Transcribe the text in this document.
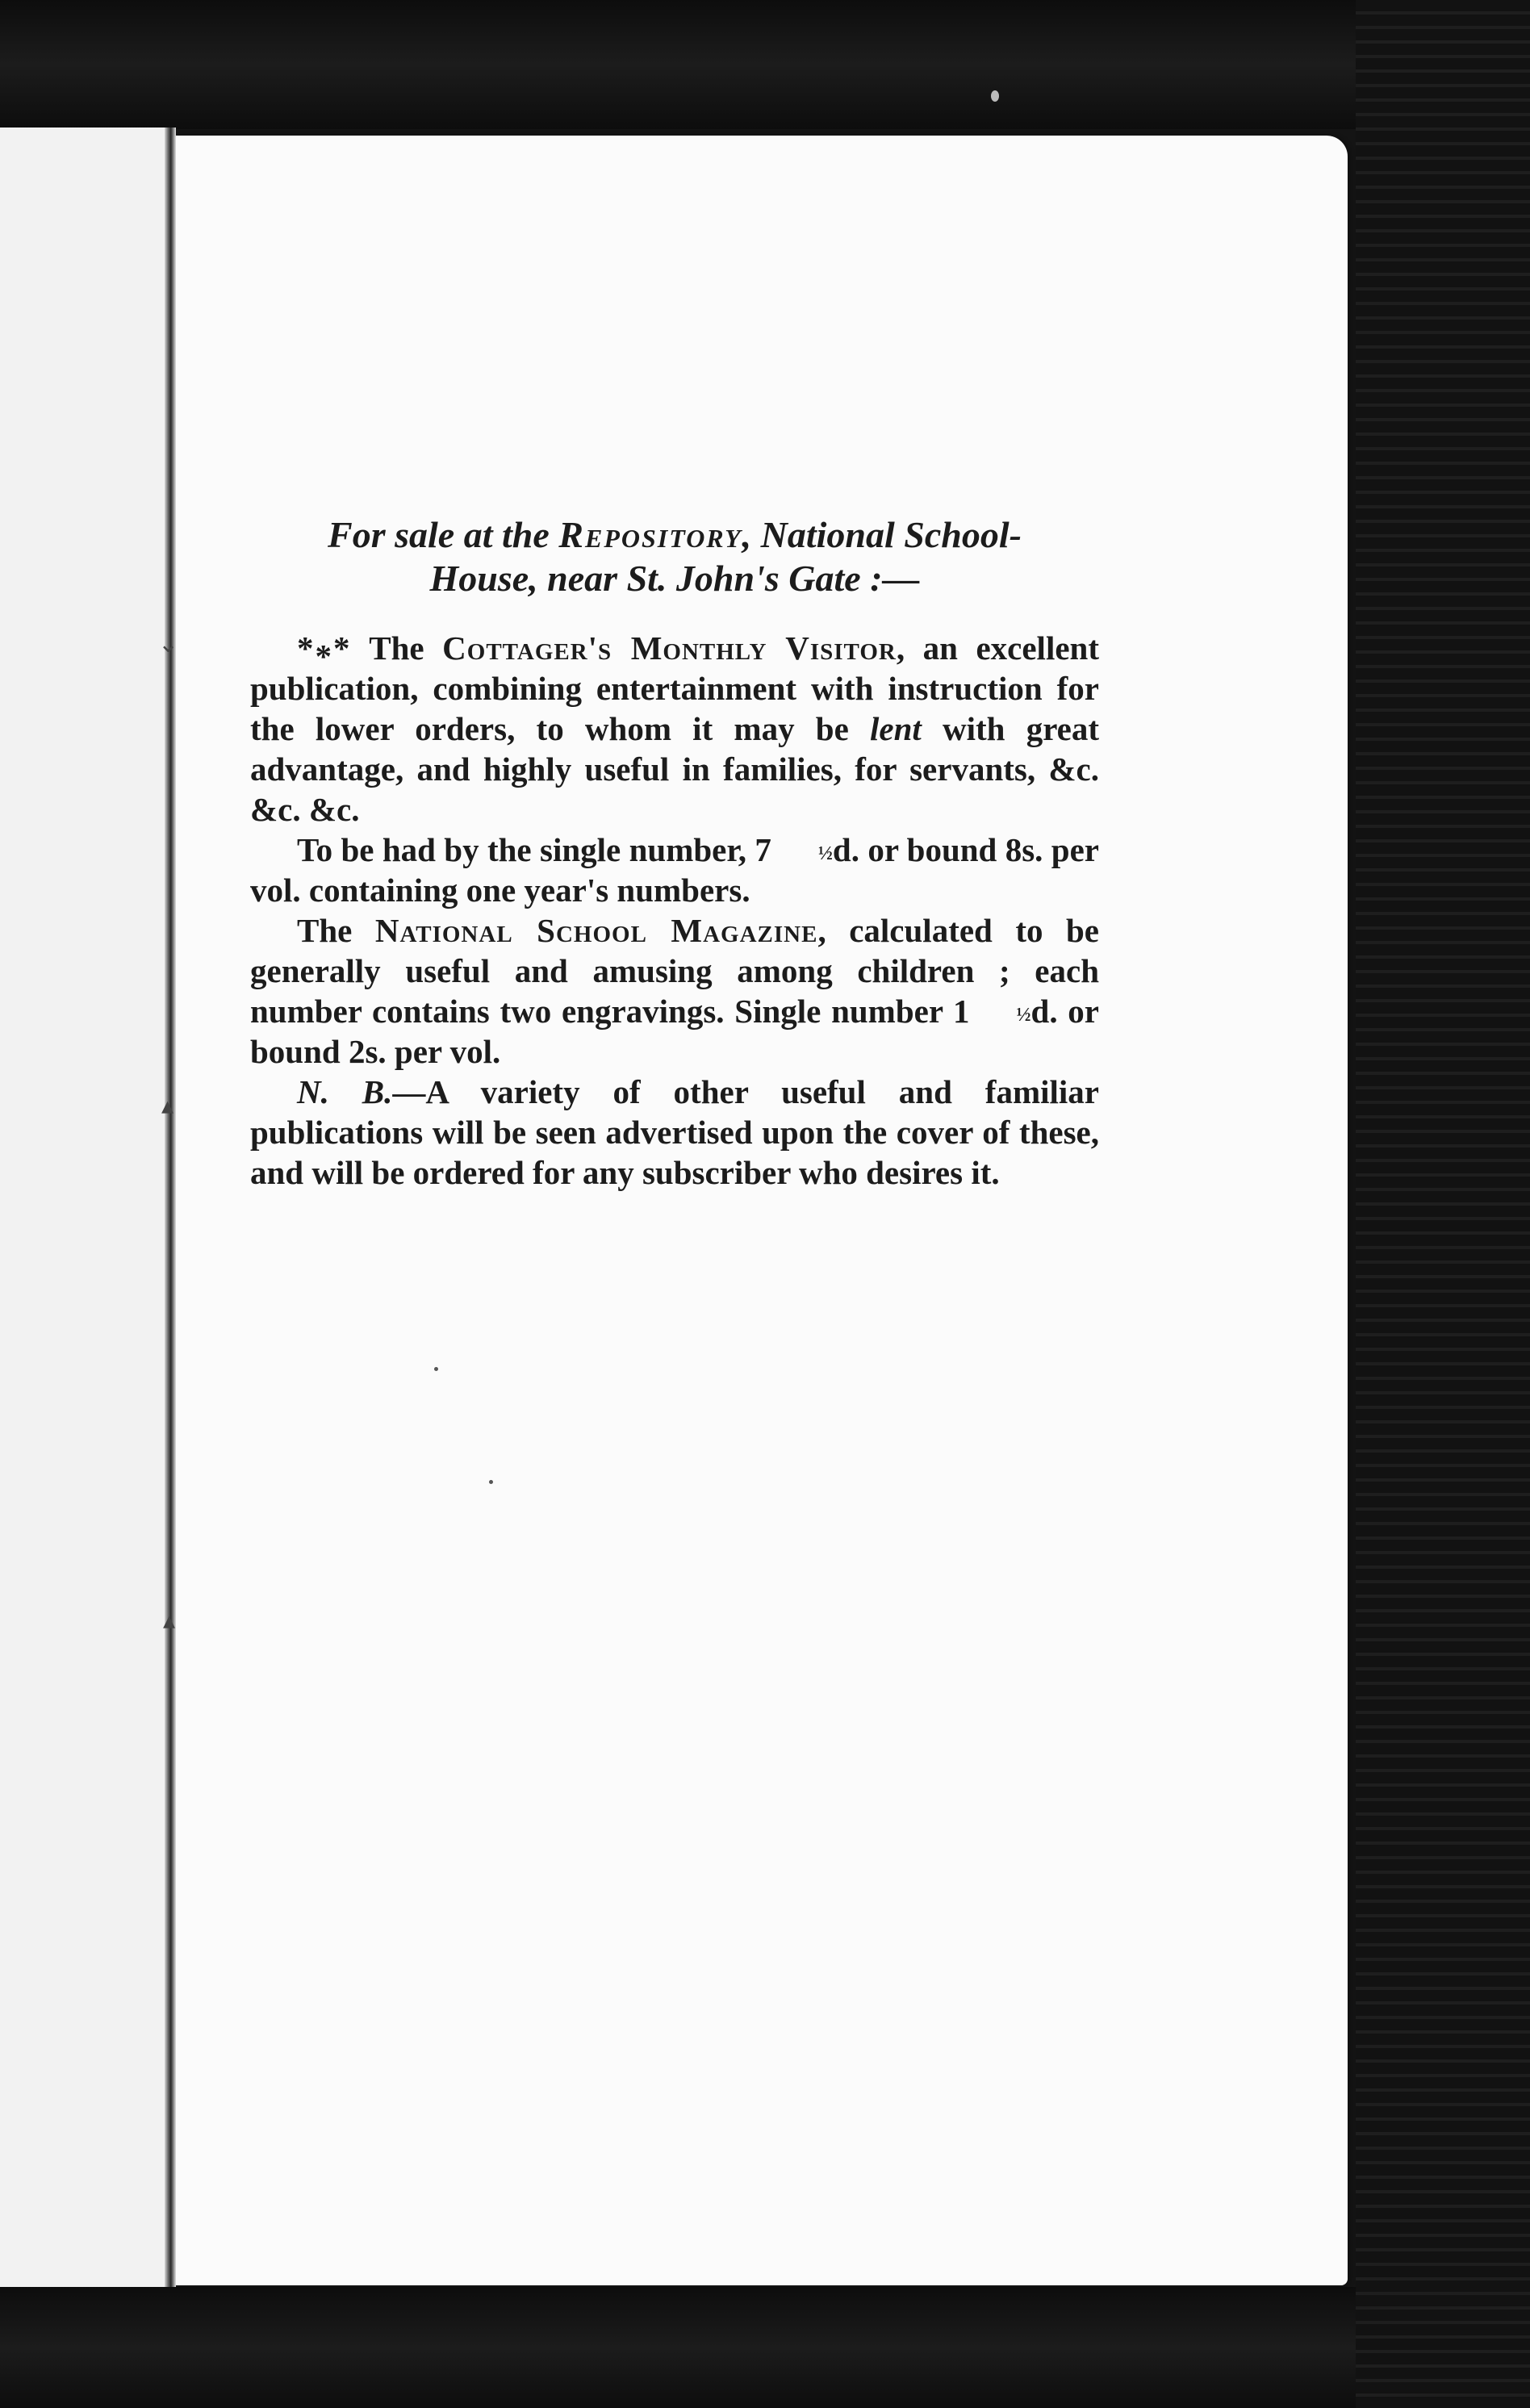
⌄
▴
▴

For sale at the Repository, National School-
House, near St. John's Gate :—

*** The Cottager's Monthly Visitor, an excellent publication, combining entertainment with instruction for the lower orders, to whom it may be lent with great advantage, and highly useful in families, for servants, &c. &c. &c.

To be had by the single number, 7 ½d. or bound 8s. per vol. containing one year's numbers.

The National School Magazine, calculated to be generally useful and amusing among children ; each number contains two engravings. Single number 1 ½d. or bound 2s. per vol.

N. B.—A variety of other useful and familiar publications will be seen advertised upon the cover of these, and will be ordered for any subscriber who desires it.
